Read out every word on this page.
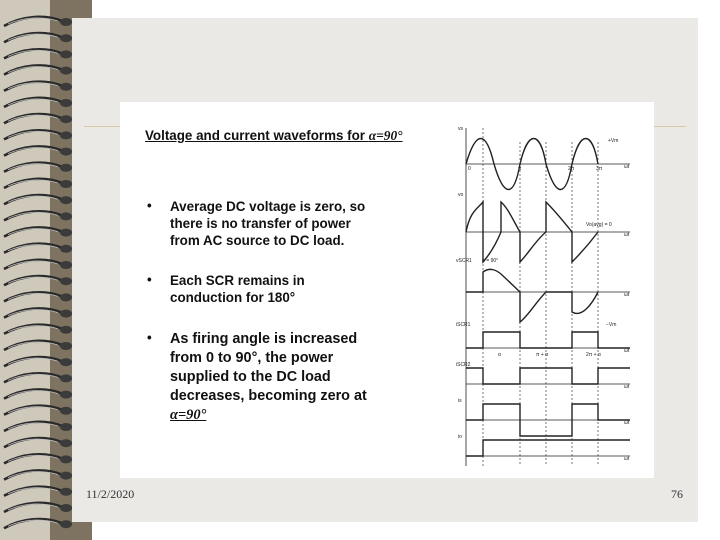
Voltage and current waveforms for α=90°
• Average DC voltage is zero, so
there is no transfer of power
from AC source to DC load.
• Each SCR remains in
conduction for 180°
• As firing angle is increased
from 0 to 90°, the power
supplied to the DC load
decreases, becoming zero at
α=90°
vs
+Vm
ωt
0	π	2π	3π
vo
Vo(avg) = 0
ωt
vSCR1 α = 90°
−Vm
ωt
iSCR1
α	π + α	2π + α
ωt
iSCR2
ωt
is
ωt
io
ωt
11/2/2020	76
